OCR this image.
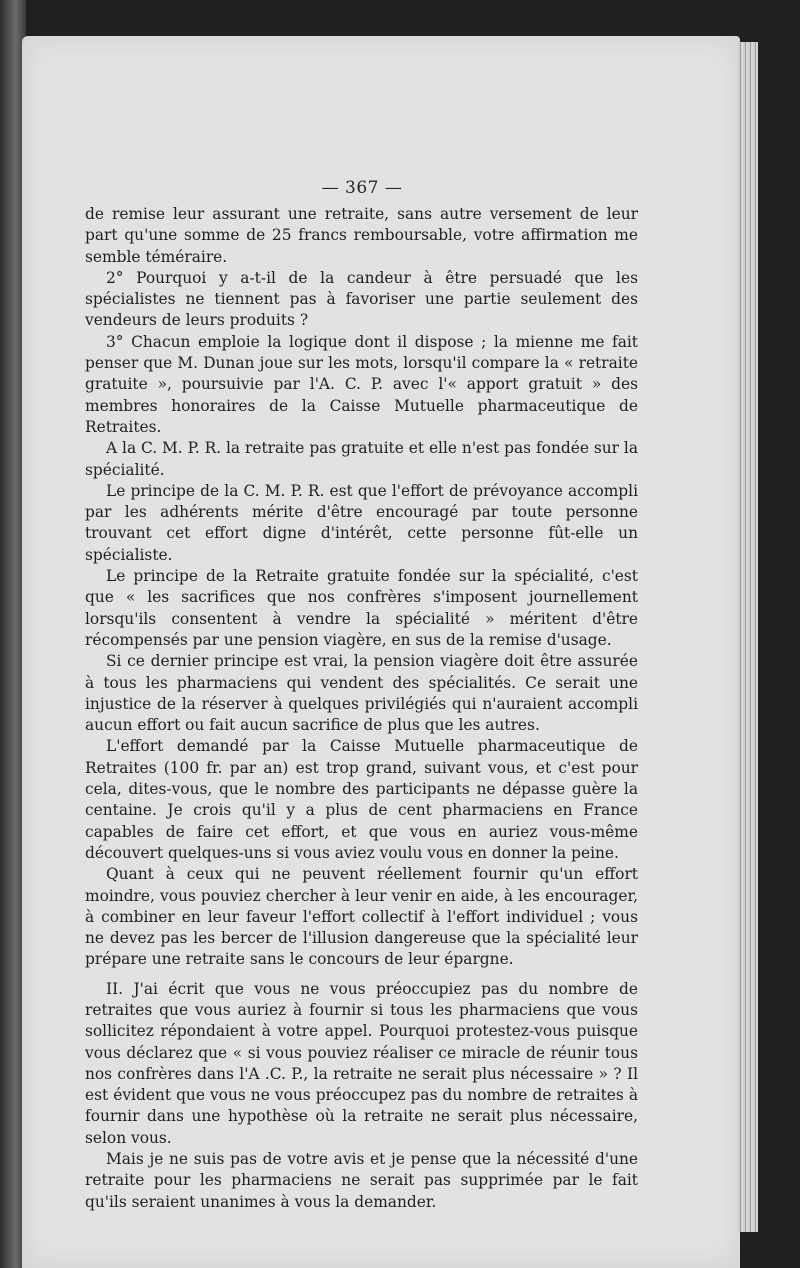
— 367 —

de remise leur assurant une retraite, sans autre versement de leur part qu'une somme de 25 francs remboursable, votre affirmation me semble téméraire.

2° Pourquoi y a-t-il de la candeur à être persuadé que les spécialistes ne tiennent pas à favoriser une partie seulement des vendeurs de leurs produits ?

3° Chacun emploie la logique dont il dispose ; la mienne me fait penser que M. Dunan joue sur les mots, lorsqu'il compare la « retraite gratuite », poursuivie par l'A. C. P. avec l'« apport gratuit » des membres honoraires de la Caisse Mutuelle pharmaceutique de Retraites.

A la C. M. P. R. la retraite pas gratuite et elle n'est pas fondée sur la spécialité.

Le principe de la C. M. P. R. est que l'effort de prévoyance accompli par les adhérents mérite d'être encouragé par toute personne trouvant cet effort digne d'intérêt, cette personne fût-elle un spécialiste.

Le principe de la Retraite gratuite fondée sur la spécialité, c'est que « les sacrifices que nos confrères s'imposent journellement lorsqu'ils consentent à vendre la spécialité » méritent d'être récompensés par une pension viagère, en sus de la remise d'usage.

Si ce dernier principe est vrai, la pension viagère doit être assurée à tous les pharmaciens qui vendent des spécialités. Ce serait une injustice de la réserver à quelques privilégiés qui n'auraient accompli aucun effort ou fait aucun sacrifice de plus que les autres.

L'effort demandé par la Caisse Mutuelle pharmaceutique de Retraites (100 fr. par an) est trop grand, suivant vous, et c'est pour cela, dites-vous, que le nombre des participants ne dépasse guère la centaine. Je crois qu'il y a plus de cent pharmaciens en France capables de faire cet effort, et que vous en auriez vous-même découvert quelques-uns si vous aviez voulu vous en donner la peine.

Quant à ceux qui ne peuvent réellement fournir qu'un effort moindre, vous pouviez chercher à leur venir en aide, à les encourager, à combiner en leur faveur l'effort collectif à l'effort individuel ; vous ne devez pas les bercer de l'illusion dangereuse que la spécialité leur prépare une retraite sans le concours de leur épargne.

II. J'ai écrit que vous ne vous préoccupiez pas du nombre de retraites que vous auriez à fournir si tous les pharmaciens que vous sollicitez répondaient à votre appel. Pourquoi protestez-vous puisque vous déclarez que « si vous pouviez réaliser ce miracle de réunir tous nos confrères dans l'A .C. P., la retraite ne serait plus nécessaire » ? Il est évident que vous ne vous préoccupez pas du nombre de retraites à fournir dans une hypothèse où la retraite ne serait plus nécessaire, selon vous.

Mais je ne suis pas de votre avis et je pense que la nécessité d'une retraite pour les pharmaciens ne serait pas supprimée par le fait qu'ils seraient unanimes à vous la demander.
